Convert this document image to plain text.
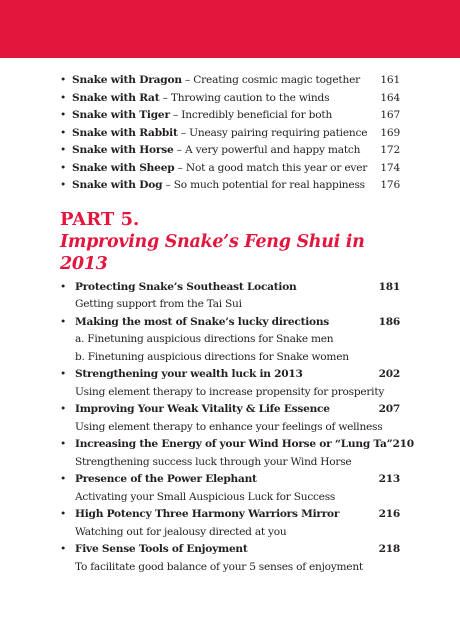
• Snake with Dragon – Creating cosmic magic together 161
• Snake with Rat – Throwing caution to the winds	164
• Snake with Tiger – Incredibly beneficial for both	167
• Snake with Rabbit – Uneasy pairing requiring patience 169
• Snake with Horse – A very powerful and happy match 172
• Snake with Sheep – Not a good match this year or ever 174
• Snake with Dog – So much potential for real happiness 176
PART 5.
Improving Snake’s Feng Shui in 2013
• Protecting Snake’s Southeast Location	181
Getting support from the Tai Sui
• Making the most of Snake’s lucky directions	186
a. Finetuning auspicious directions for Snake men
b. Finetuning auspicious directions for Snake women
• Strengthening your wealth luck in 2013	202
Using element therapy to increase propensity for prosperity
• Improving Your Weak Vitality & Life Essence	207
Using element therapy to enhance your feelings of wellness
• Increasing the Energy of your Wind Horse or “Lung Ta” 210
Strengthening success luck through your Wind Horse
• Presence of the Power Elephant	213
Activating your Small Auspicious Luck for Success
• High Potency Three Harmony Warriors Mirror	216
Watching out for jealousy directed at you
• Five Sense Tools of Enjoyment	218
To facilitate good balance of your 5 senses of enjoyment
